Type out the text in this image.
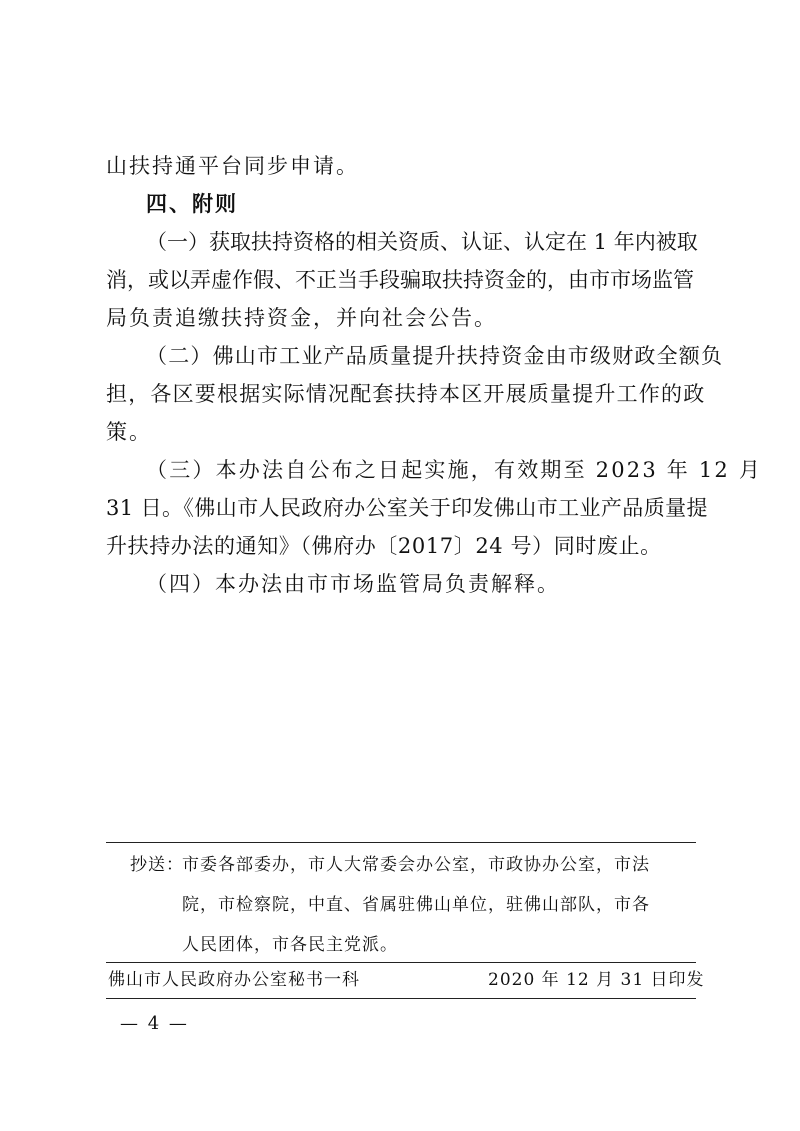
山扶持通平台同步申请。
四、附则
（一）获取扶持资格的相关资质、认证、认定在 1 年内被取
消，或以弄虚作假、不正当手段骗取扶持资金的，由市市场监管
局负责追缴扶持资金，并向社会公告。
（二）佛山市工业产品质量提升扶持资金由市级财政全额负
担，各区要根据实际情况配套扶持本区开展质量提升工作的政
策。
（三）本办法自公布之日起实施，有效期至 2023 年 12 月
31 日。《佛山市人民政府办公室关于印发佛山市工业产品质量提
升扶持办法的通知》（佛府办〔2017〕24 号）同时废止。
（四）本办法由市市场监管局负责解释。
抄送：
市委各部委办，市人大常委会办公室，市政协办公室，市法
院，市检察院，中直、省属驻佛山单位，驻佛山部队，市各
人民团体，市各民主党派。
佛山市人民政府办公室秘书一科	2020 年 12 月 31 日印发
— 4 —
